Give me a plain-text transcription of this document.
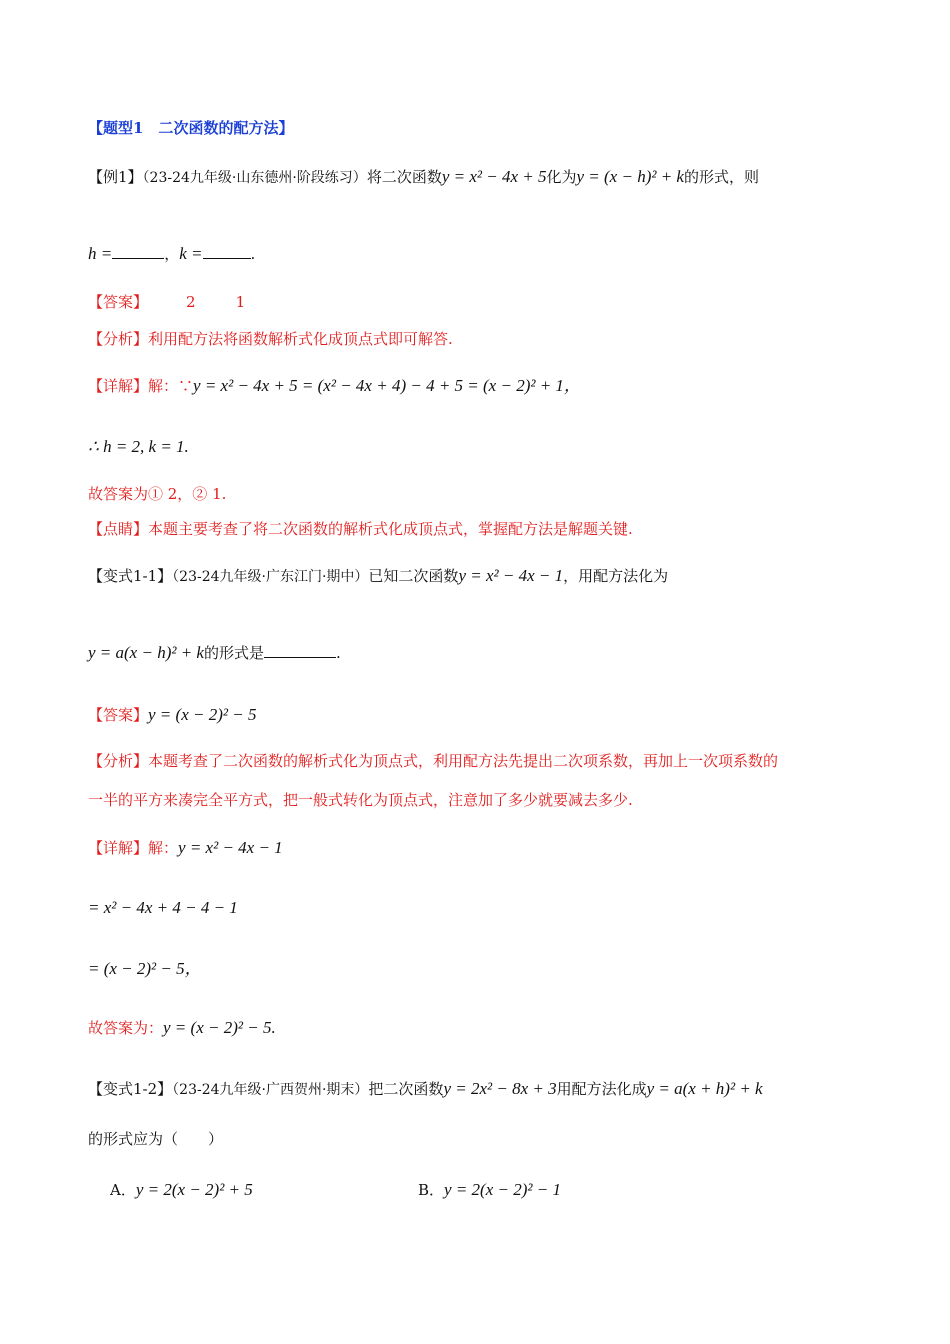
【题型1　二次函数的配方法】
【例1】（23-24九年级·山东德州·阶段练习）将二次函数y = x² − 4x + 5化为y = (x − h)² + k的形式，则
h =	，k =	.
【答案】	2	1
【分析】利用配方法将函数解析式化成顶点式即可解答.
【详解】解：∵y = x² − 4x + 5 = (x² − 4x + 4) − 4 + 5 = (x − 2)² + 1，
∴ h = 2, k = 1.
故答案为① 2，② 1.
【点睛】本题主要考查了将二次函数的解析式化成顶点式，掌握配方法是解题关键.
【变式1-1】（23-24九年级·广东江门·期中）已知二次函数y = x² − 4x − 1，用配方法化为
y = a(x − h)² + k的形式是	.
【答案】y = (x − 2)² − 5
【分析】本题考查了二次函数的解析式化为顶点式，利用配方法先提出二次项系数，再加上一次项系数的
一半的平方来凑完全平方式，把一般式转化为顶点式，注意加了多少就要减去多少.
【详解】解：y = x² − 4x − 1
= x² − 4x + 4 − 4 − 1
= (x − 2)² − 5，
故答案为：y = (x − 2)² − 5.
【变式1-2】（23-24九年级·广西贺州·期末）把二次函数y = 2x² − 8x + 3用配方法化成y = a(x + h)² + k
的形式应为（　　）
A．y = 2(x − 2)² + 5	B．y = 2(x − 2)² − 1
